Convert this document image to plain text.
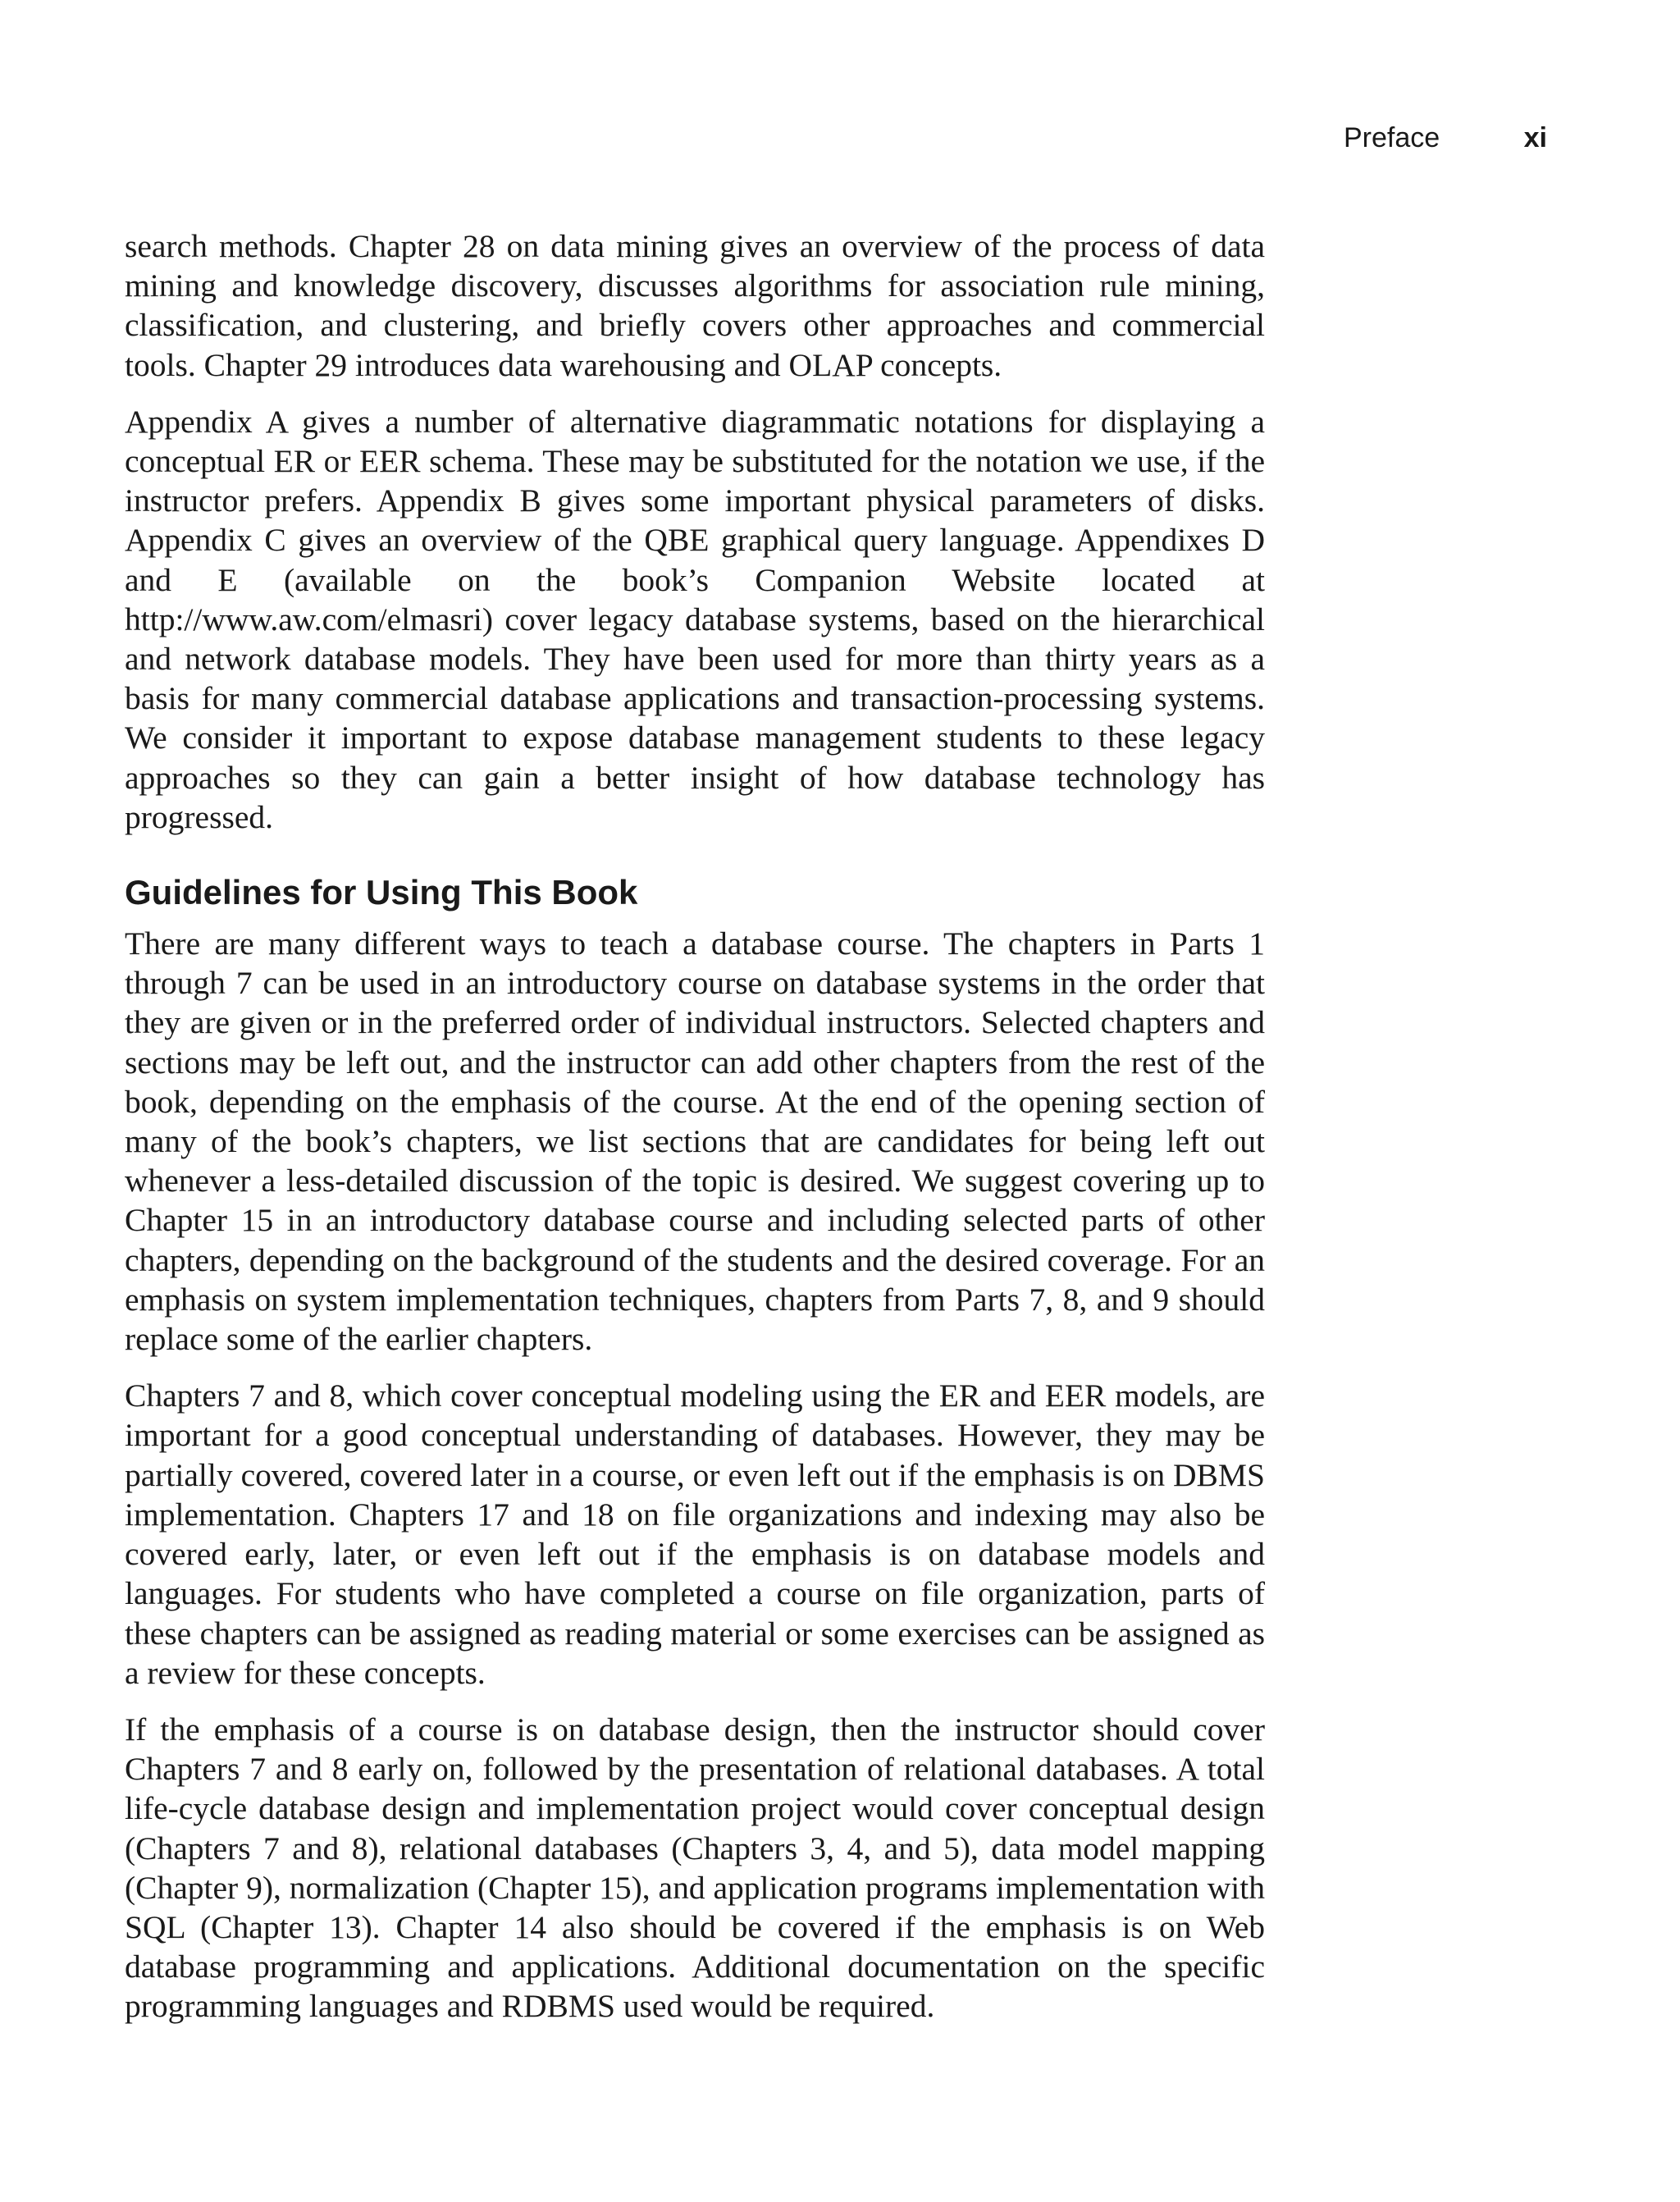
Preface	xi

search methods. Chapter 28 on data mining gives an overview of the process of data mining and knowledge discovery, discusses algorithms for association rule mining, classification, and clustering, and briefly covers other approaches and commercial tools. Chapter 29 introduces data warehousing and OLAP concepts.

Appendix A gives a number of alternative diagrammatic notations for displaying a conceptual ER or EER schema. These may be substituted for the notation we use, if the instructor prefers. Appendix B gives some important physical parameters of disks. Appendix C gives an overview of the QBE graphical query language. Appendixes D and E (available on the book’s Companion Website located at http://www.aw.com/elmasri) cover legacy database systems, based on the hierarchical and network database models. They have been used for more than thirty years as a basis for many commercial database applications and transaction-processing systems. We consider it important to expose database management students to these legacy approaches so they can gain a better insight of how database technology has progressed.

Guidelines for Using This Book

There are many different ways to teach a database course. The chapters in Parts 1 through 7 can be used in an introductory course on database systems in the order that they are given or in the preferred order of individual instructors. Selected chapters and sections may be left out, and the instructor can add other chapters from the rest of the book, depending on the emphasis of the course. At the end of the opening section of many of the book’s chapters, we list sections that are candidates for being left out whenever a less-detailed discussion of the topic is desired. We suggest covering up to Chapter 15 in an introductory database course and including selected parts of other chapters, depending on the background of the students and the desired coverage. For an emphasis on system implementation techniques, chapters from Parts 7, 8, and 9 should replace some of the earlier chapters.

Chapters 7 and 8, which cover conceptual modeling using the ER and EER models, are important for a good conceptual understanding of databases. However, they may be partially covered, covered later in a course, or even left out if the emphasis is on DBMS implementation. Chapters 17 and 18 on file organizations and indexing may also be covered early, later, or even left out if the emphasis is on database models and languages. For students who have completed a course on file organization, parts of these chapters can be assigned as reading material or some exercises can be assigned as a review for these concepts.

If the emphasis of a course is on database design, then the instructor should cover Chapters 7 and 8 early on, followed by the presentation of relational databases. A total life-cycle database design and implementation project would cover conceptual design (Chapters 7 and 8), relational databases (Chapters 3, 4, and 5), data model mapping (Chapter 9), normalization (Chapter 15), and application programs implementation with SQL (Chapter 13). Chapter 14 also should be covered if the emphasis is on Web database programming and applications. Additional documentation on the specific programming languages and RDBMS used would be required.
